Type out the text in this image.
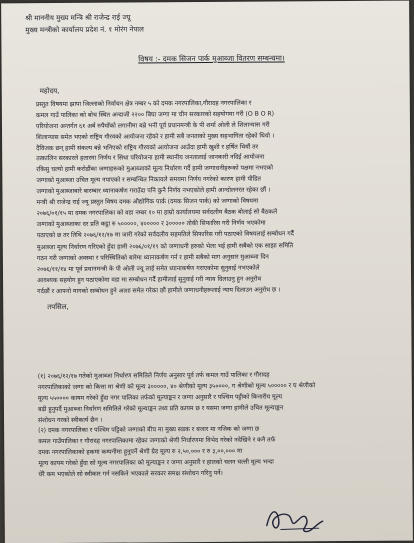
श्री माननीय मुख्य मन्त्रि श्री राजेन्द्र राई ज्यू
मुख्य मन्त्रीको कार्यालय प्रदेश नं. १ मोरंग नेपाल
विषय :- दमक सिजन पार्क मुआब्जा वितरण सम्बन्धमा।
महोदय,
प्रस्तुत विषयमा झापा जिल्लाको निर्वाचन क्षेत्र नम्बर ५ को दमक नगरपालिका,गौरादह नगरपालिका र
कमल गाउँ पालिका को बोच स्थित अन्दाजी २२०० बिघा जग्गा मा चीन सरकारको सहयोगमा गरी (O B O R)
परियोजना अन्तर्गत ६१ अर्ब रुपैयाँको लगानीमा बन्ने भनी पूर्व प्रधानमन्त्री के पी शर्मा ओली ले शिलान्यास गरी
शिलान्यास समेत भएको राष्ट्रिय गौरवको आयोजना रहेको र हामी सबै जनताको मुख्य सहभागिता रहेको थियो ।
दैविजक छन् हामी संकल्प बन्ने भनिएको राष्ट्रिय गौरवको आयोजना आउँदा हामी खुशी र हर्षित थियौं तर
तत्कालिन सरकारले हतारमा निर्णय र सिधा परियोजना हामी स्थानीय जनतालाई जानकारी नदिई आयोजना
रकिसु चल्यो हामी करोडौंका जग्गाहरूको मुआब्जाको मूल्य निर्धारण गर्दै हामी जग्गाधनीहरूको पक्षमा नभएको
जग्गाको मुआब्जा उचित मूल्य नपाएको र सम्बन्धित निकायले समयमा निर्णय नगरेको कारण हामी पीडित
जग्गाको मुआब्जाबारे बारम्बार ध्यानाकर्षण गराउँदा पनि कुनै निर्णय नभएकोले हामी आन्दोलनरत रहेका छौं ।
मन्त्री श्री राजेन्द्र राई ज्यू प्रस्तुत विषय दमक औद्योगिक पार्क (दमक सिजन पार्क) को जग्गाको विषयमा
२०७६/०१/१५ मा दमक नगरपालिका को वडा नम्बर १० मा हाम्रो कार्यालयमा सर्वदलीय बैठक बोलाई सो बैठकले
जग्गाको मुआब्जाका दर प्रति कट्ठा रु ५०००००, ४००००० र ३००००० तोकी सिफारिस गरी निर्णय भएकोमा
पठाएको छ तर तिथि २०७६/१२/१७ मा जारी गरेको सर्वदलीय सहमतिले सिफारिस गरी पठाएको विषयलाई सम्बोधन गर्दै
मुआब्जा मूल्य निर्धारण गरिएको हुँदा हामी २०७६/०१/१९ को जग्गाधनी हरुको भेला भई हामी सबैको एक साझा समिति
गठन गरी जग्गाको अवस्था र परिस्थितिको बारेमा ध्यानाकर्षण गर्न र हामी सबैको माग अनुसार मुआब्जा दिन
२०७६/११/१४ मा पूर्व प्रधानमन्त्री के पी ओली ज्यू लाई समेत ध्यानाकर्षण गराएकोमा सुनुवाई नभएकोले
आवश्यक सहयोग हुन पठाएकोमा वडा मा सम्बोधन गर्दै हामीलाई सुनुवाई गरी न्याय दिलाउनु हुन अनुरोध
गर्दछौं र आफ्नो मागको सम्बोधन हुने आशा समेत गरेका छौं हामीले जग्गाधनीहरूलाई न्याय दिलाउन अनुरोध छ ।
तपसिल,
(१) २०७६/१२/१७ गतेको मुआब्जा निर्धारण समितिले निर्णय अनुसार पूर्व तर्फ कमल गाउँ पालिका र गौरादह
नगरपालिकाको जग्गा को कित्ता मा श्रेणी को मूल्य ३०००००, ४० श्रेणीको मूल्य ३५००००, ग श्रेणीको मूल्य ५००००० र घ श्रेणीको
मूल्य ५५०००० कायम गरेको हुँदा नगर पालिका तर्फको मूल्याङ्कन र जग्गा अनुसारै र पश्चिम पट्टीको किनारीय मूल्य
बढी हुनुपर्दै मुआब्जा निर्धारण समितिले गरेको मूल्याङ्कन तथ्य प्रति कायम छ र यसमा जग्गा हामीले उचित मूल्याङ्कन
संशोधन गरको स्वीकार्य छैन ।
(२) दमक नगरपालिका र पश्चिम पट्टिको जग्गाको बीच मा मुख्य सडक र बजार मा नजिक को जग्गा छ
कमल गाउँपालिका र गौरादह नगरपालिकामा रहेका जग्गाको श्रेणी निर्धारणमा विभेद गरेको नदेखिने र कनै तर्फ
दमक नगरपालिकाको हकमा कम्पनीमा हुनुपर्ने श्रेणी ग्रेड मूल्य रु २,५०,००० र रु ३,००,००० मा
मूल्य कायम गरेको हुँदा सो मूल्य नगरपालिका को मूल्याङ्कन र जग्गा अनुसारै र हालको चलन चल्ती मूल्य भन्दा
धेरै कम भएकोले सो स्वीकार गर्न नसकिने भएकाले सरकार समक्ष संशोधन गरिनु पर्ने।
